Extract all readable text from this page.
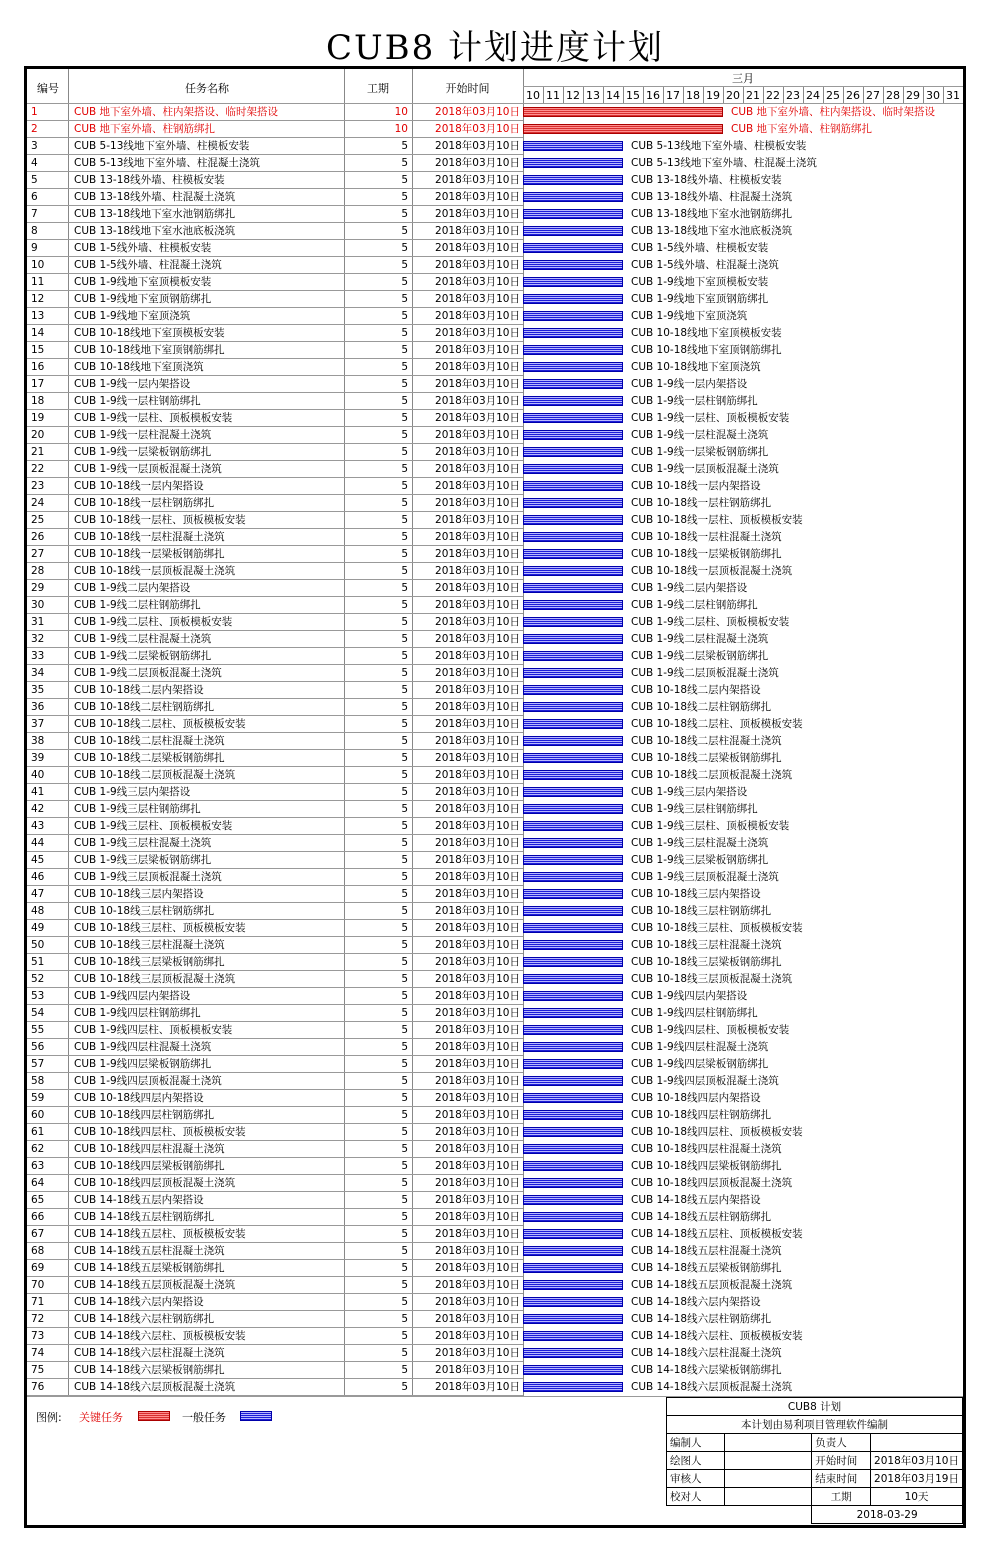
CUB8 计划进度计划
编号	任务名称	工期	开始时间
三月
10 11 12 13 14 15 16 17 18 19 20 21 22 23 24 25 26 27 28 29 30 31
1	CUB 地下室外墙、柱内架搭设、临时架搭设	10	2018年03月10日	CUB 地下室外墙、柱内架搭设、临时架搭设
2	CUB 地下室外墙、柱钢筋绑扎	10	2018年03月10日	CUB 地下室外墙、柱钢筋绑扎
3	CUB 5-13线地下室外墙、柱模板安装	5	2018年03月10日	CUB 5-13线地下室外墙、柱模板安装
4	CUB 5-13线地下室外墙、柱混凝土浇筑	5	2018年03月10日	CUB 5-13线地下室外墙、柱混凝土浇筑
5	CUB 13-18线外墙、柱模板安装	5	2018年03月10日	CUB 13-18线外墙、柱模板安装
6	CUB 13-18线外墙、柱混凝土浇筑	5	2018年03月10日	CUB 13-18线外墙、柱混凝土浇筑
7	CUB 13-18线地下室水池钢筋绑扎	5	2018年03月10日	CUB 13-18线地下室水池钢筋绑扎
8	CUB 13-18线地下室水池底板浇筑	5	2018年03月10日	CUB 13-18线地下室水池底板浇筑
9	CUB 1-5线外墙、柱模板安装	5	2018年03月10日	CUB 1-5线外墙、柱模板安装
10	CUB 1-5线外墙、柱混凝土浇筑	5	2018年03月10日	CUB 1-5线外墙、柱混凝土浇筑
11	CUB 1-9线地下室顶模板安装	5	2018年03月10日	CUB 1-9线地下室顶模板安装
12	CUB 1-9线地下室顶钢筋绑扎	5	2018年03月10日	CUB 1-9线地下室顶钢筋绑扎
13	CUB 1-9线地下室顶浇筑	5	2018年03月10日	CUB 1-9线地下室顶浇筑
14	CUB 10-18线地下室顶模板安装	5	2018年03月10日	CUB 10-18线地下室顶模板安装
15	CUB 10-18线地下室顶钢筋绑扎	5	2018年03月10日	CUB 10-18线地下室顶钢筋绑扎
16	CUB 10-18线地下室顶浇筑	5	2018年03月10日	CUB 10-18线地下室顶浇筑
17	CUB 1-9线一层内架搭设	5	2018年03月10日	CUB 1-9线一层内架搭设
18	CUB 1-9线一层柱钢筋绑扎	5	2018年03月10日	CUB 1-9线一层柱钢筋绑扎
19	CUB 1-9线一层柱、顶板模板安装	5	2018年03月10日	CUB 1-9线一层柱、顶板模板安装
20	CUB 1-9线一层柱混凝土浇筑	5	2018年03月10日	CUB 1-9线一层柱混凝土浇筑
21	CUB 1-9线一层梁板钢筋绑扎	5	2018年03月10日	CUB 1-9线一层梁板钢筋绑扎
22	CUB 1-9线一层顶板混凝土浇筑	5	2018年03月10日	CUB 1-9线一层顶板混凝土浇筑
23	CUB 10-18线一层内架搭设	5	2018年03月10日	CUB 10-18线一层内架搭设
24	CUB 10-18线一层柱钢筋绑扎	5	2018年03月10日	CUB 10-18线一层柱钢筋绑扎
25	CUB 10-18线一层柱、顶板模板安装	5	2018年03月10日	CUB 10-18线一层柱、顶板模板安装
26	CUB 10-18线一层柱混凝土浇筑	5	2018年03月10日	CUB 10-18线一层柱混凝土浇筑
27	CUB 10-18线一层梁板钢筋绑扎	5	2018年03月10日	CUB 10-18线一层梁板钢筋绑扎
28	CUB 10-18线一层顶板混凝土浇筑	5	2018年03月10日	CUB 10-18线一层顶板混凝土浇筑
29	CUB 1-9线二层内架搭设	5	2018年03月10日	CUB 1-9线二层内架搭设
30	CUB 1-9线二层柱钢筋绑扎	5	2018年03月10日	CUB 1-9线二层柱钢筋绑扎
31	CUB 1-9线二层柱、顶板模板安装	5	2018年03月10日	CUB 1-9线二层柱、顶板模板安装
32	CUB 1-9线二层柱混凝土浇筑	5	2018年03月10日	CUB 1-9线二层柱混凝土浇筑
33	CUB 1-9线二层梁板钢筋绑扎	5	2018年03月10日	CUB 1-9线二层梁板钢筋绑扎
34	CUB 1-9线二层顶板混凝土浇筑	5	2018年03月10日	CUB 1-9线二层顶板混凝土浇筑
35	CUB 10-18线二层内架搭设	5	2018年03月10日	CUB 10-18线二层内架搭设
36	CUB 10-18线二层柱钢筋绑扎	5	2018年03月10日	CUB 10-18线二层柱钢筋绑扎
37	CUB 10-18线二层柱、顶板模板安装	5	2018年03月10日	CUB 10-18线二层柱、顶板模板安装
38	CUB 10-18线二层柱混凝土浇筑	5	2018年03月10日	CUB 10-18线二层柱混凝土浇筑
39	CUB 10-18线二层梁板钢筋绑扎	5	2018年03月10日	CUB 10-18线二层梁板钢筋绑扎
40	CUB 10-18线二层顶板混凝土浇筑	5	2018年03月10日	CUB 10-18线二层顶板混凝土浇筑
41	CUB 1-9线三层内架搭设	5	2018年03月10日	CUB 1-9线三层内架搭设
42	CUB 1-9线三层柱钢筋绑扎	5	2018年03月10日	CUB 1-9线三层柱钢筋绑扎
43	CUB 1-9线三层柱、顶板模板安装	5	2018年03月10日	CUB 1-9线三层柱、顶板模板安装
44	CUB 1-9线三层柱混凝土浇筑	5	2018年03月10日	CUB 1-9线三层柱混凝土浇筑
45	CUB 1-9线三层梁板钢筋绑扎	5	2018年03月10日	CUB 1-9线三层梁板钢筋绑扎
46	CUB 1-9线三层顶板混凝土浇筑	5	2018年03月10日	CUB 1-9线三层顶板混凝土浇筑
47	CUB 10-18线三层内架搭设	5	2018年03月10日	CUB 10-18线三层内架搭设
48	CUB 10-18线三层柱钢筋绑扎	5	2018年03月10日	CUB 10-18线三层柱钢筋绑扎
49	CUB 10-18线三层柱、顶板模板安装	5	2018年03月10日	CUB 10-18线三层柱、顶板模板安装
50	CUB 10-18线三层柱混凝土浇筑	5	2018年03月10日	CUB 10-18线三层柱混凝土浇筑
51	CUB 10-18线三层梁板钢筋绑扎	5	2018年03月10日	CUB 10-18线三层梁板钢筋绑扎
52	CUB 10-18线三层顶板混凝土浇筑	5	2018年03月10日	CUB 10-18线三层顶板混凝土浇筑
53	CUB 1-9线四层内架搭设	5	2018年03月10日	CUB 1-9线四层内架搭设
54	CUB 1-9线四层柱钢筋绑扎	5	2018年03月10日	CUB 1-9线四层柱钢筋绑扎
55	CUB 1-9线四层柱、顶板模板安装	5	2018年03月10日	CUB 1-9线四层柱、顶板模板安装
56	CUB 1-9线四层柱混凝土浇筑	5	2018年03月10日	CUB 1-9线四层柱混凝土浇筑
57	CUB 1-9线四层梁板钢筋绑扎	5	2018年03月10日	CUB 1-9线四层梁板钢筋绑扎
58	CUB 1-9线四层顶板混凝土浇筑	5	2018年03月10日	CUB 1-9线四层顶板混凝土浇筑
59	CUB 10-18线四层内架搭设	5	2018年03月10日	CUB 10-18线四层内架搭设
60	CUB 10-18线四层柱钢筋绑扎	5	2018年03月10日	CUB 10-18线四层柱钢筋绑扎
61	CUB 10-18线四层柱、顶板模板安装	5	2018年03月10日	CUB 10-18线四层柱、顶板模板安装
62	CUB 10-18线四层柱混凝土浇筑	5	2018年03月10日	CUB 10-18线四层柱混凝土浇筑
63	CUB 10-18线四层梁板钢筋绑扎	5	2018年03月10日	CUB 10-18线四层梁板钢筋绑扎
64	CUB 10-18线四层顶板混凝土浇筑	5	2018年03月10日	CUB 10-18线四层顶板混凝土浇筑
65	CUB 14-18线五层内架搭设	5	2018年03月10日	CUB 14-18线五层内架搭设
66	CUB 14-18线五层柱钢筋绑扎	5	2018年03月10日	CUB 14-18线五层柱钢筋绑扎
67	CUB 14-18线五层柱、顶板模板安装	5	2018年03月10日	CUB 14-18线五层柱、顶板模板安装
68	CUB 14-18线五层柱混凝土浇筑	5	2018年03月10日	CUB 14-18线五层柱混凝土浇筑
69	CUB 14-18线五层梁板钢筋绑扎	5	2018年03月10日	CUB 14-18线五层梁板钢筋绑扎
70	CUB 14-18线五层顶板混凝土浇筑	5	2018年03月10日	CUB 14-18线五层顶板混凝土浇筑
71	CUB 14-18线六层内架搭设	5	2018年03月10日	CUB 14-18线六层内架搭设
72	CUB 14-18线六层柱钢筋绑扎	5	2018年03月10日	CUB 14-18线六层柱钢筋绑扎
73	CUB 14-18线六层柱、顶板模板安装	5	2018年03月10日	CUB 14-18线六层柱、顶板模板安装
74	CUB 14-18线六层柱混凝土浇筑	5	2018年03月10日	CUB 14-18线六层柱混凝土浇筑
75	CUB 14-18线六层梁板钢筋绑扎	5	2018年03月10日	CUB 14-18线六层梁板钢筋绑扎
76	CUB 14-18线六层顶板混凝土浇筑	5	2018年03月10日	CUB 14-18线六层顶板混凝土浇筑
图例: 关键任务	一般任务
CUB8 计划			
本计划由易利项目管理软件编制			
编制人		负责人	
绘图人		开始时间	2018年03月10日
审核人		结束时间	2018年03月19日
校对人		工期	10天
		2018-03-29	
